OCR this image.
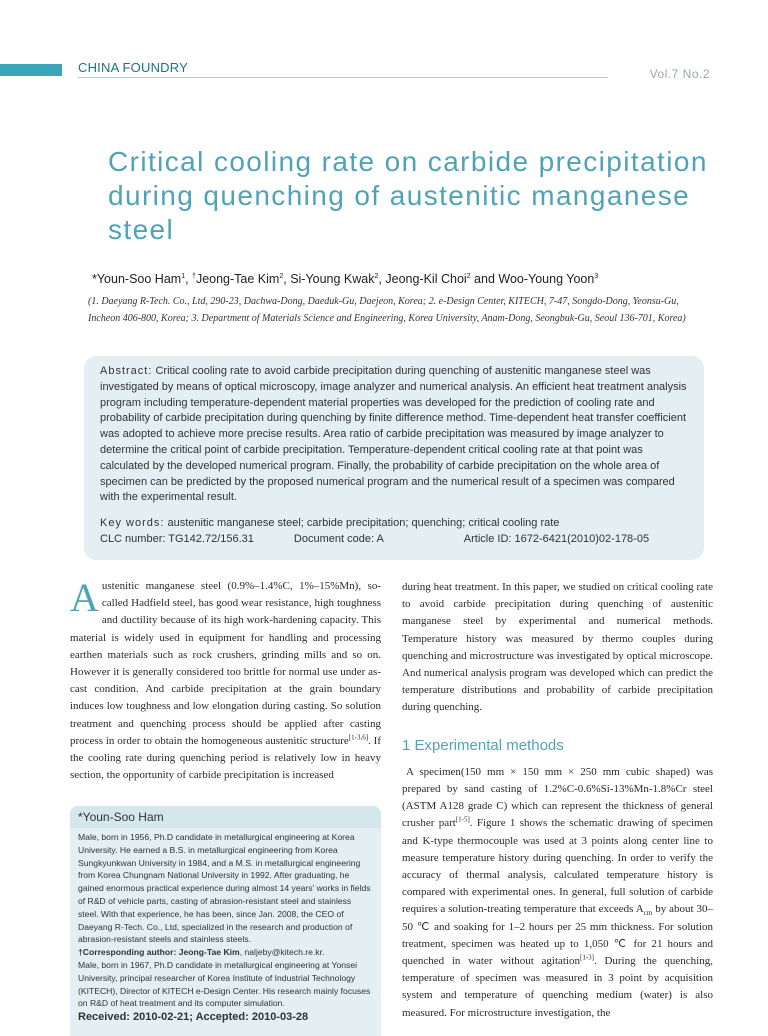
CHINA FOUNDRY	Vol.7 No.2
Critical cooling rate on carbide precipitation during quenching of austenitic manganese steel
*Youn-Soo Ham$^1$, †Jeong-Tae Kim$^2$, Si-Young Kwak$^2$, Jeong-Kil Choi$^2$ and Woo-Young Yoon$^3$
(1. Daeyang R-Tech. Co., Ltd, 290-23, Dachwa-Dong, Daeduk-Gu, Daejeon, Korea; 2. e-Design Center, KITECH, 7-47, Songdo-Dong, Yeonsu-Gu, Incheon 406-800, Korea; 3. Department of Materials Science and Engineering, Korea University, Anam-Dong, Seongbuk-Gu, Seoul 136-701, Korea)

Abstract: Critical cooling rate to avoid carbide precipitation during quenching of austenitic manganese steel was investigated by means of optical microscopy, image analyzer and numerical analysis. An efficient heat treatment analysis program including temperature-dependent material properties was developed for the prediction of cooling rate and probability of carbide precipitation during quenching by finite difference method. Time-dependent heat transfer coefficient was adopted to achieve more precise results. Area ratio of carbide precipitation was measured by image analyzer to determine the critical point of carbide precipitation. Temperature-dependent critical cooling rate at that point was calculated by the developed numerical program. Finally, the probability of carbide precipitation on the whole area of specimen can be predicted by the proposed numerical program and the numerical result of a specimen was compared with the experimental result.

Key words: austenitic manganese steel; carbide precipitation; quenching; critical cooling rate

CLC number: TG142.72/156.31	Document code: A	Article ID: 1672-6421(2010)02-178-05

Austenitic manganese steel (0.9%–1.4%C, 1%–15%Mn), so-called Hadfield steel, has good wear resistance, high toughness and ductility because of its high work-hardening capacity. This material is widely used in equipment for handling and processing earthen materials such as rock crushers, grinding mills and so on. However it is generally considered too brittle for normal use under as-cast condition. And carbide precipitation at the grain boundary induces low toughness and low elongation during casting. So solution treatment and quenching process should be applied after casting process in order to obtain the homogeneous austenitic structure[1-3,6]. If the cooling rate during quenching period is relatively low in heavy section, the opportunity of carbide precipitation is increased

during heat treatment. In this paper, we studied on critical cooling rate to avoid carbide precipitation during quenching of austenitic manganese steel by experimental and numerical methods. Temperature history was measured by thermo couples during quenching and microstructure was investigated by optical microscope. And numerical analysis program was developed which can predict the temperature distributions and probability of carbide precipitation during quenching.

1 Experimental methods

A specimen(150 mm × 150 mm × 250 mm cubic shaped) was prepared by sand casting of 1.2%C-0.6%Si-13%Mn-1.8%Cr steel (ASTM A128 grade C) which can represent the thickness of general crusher part[1-5]. Figure 1 shows the schematic drawing of specimen and K-type thermocouple was used at 3 points along center line to measure temperature history during quenching. In order to verify the accuracy of thermal analysis, calculated temperature history is compared with experimental ones. In general, full solution of carbide requires a solution-treating temperature that exceeds $A_{cm}$ by about 30–50 ℃ and soaking for 1–2 hours per 25 mm thickness. For solution treatment, specimen was heated up to 1,050 ℃ for 21 hours and quenched in water without agitation[1-3]. During the quenching, temperature of specimen was measured in 3 point by acquisition system and temperature of quenching medium (water) is also measured. For microstructure investigation, the

*Youn-Soo Ham

Male, born in 1956, Ph.D candidate in metallurgical engineering at Korea University. He earned a B.S. in metallurgical engineering from Korea Sungkyunkwan University in 1984, and a M.S. in metallurgical engineering from Korea Chungnam National University in 1992. After graduating, he gained enormous practical experience during almost 14 years' works in fields of R&D of vehicle parts, casting of abrasion-resistant steel and stainless steel. With that experience, he has been, since Jan. 2008, the CEO of Daeyang R-Tech. Co., Ltd, specialized in the research and production of abrasion-resistant steels and stainless steels.

†Corresponding author: Jeong-Tae Kim, naljeby@kitech.re.kr.

Male, born in 1967, Ph.D candidate in metallurgical engineering at Yonsei University, principal researcher of Korea Institute of Industrial Technology (KITECH), Director of KITECH e-Design Center. His research mainly focuses on R&D of heat treatment and its computer simulation.

Received: 2010-02-21; Accepted: 2010-03-28
